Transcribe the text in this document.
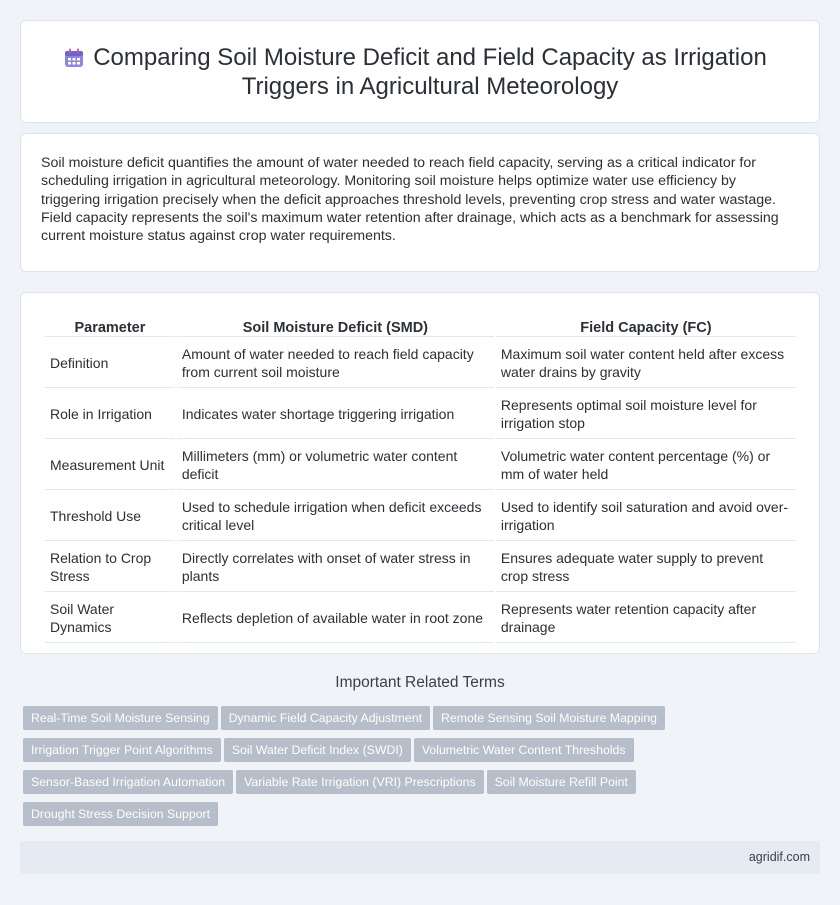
Comparing Soil Moisture Deficit and Field Capacity as Irrigation Triggers in Agricultural Meteorology

Soil moisture deficit quantifies the amount of water needed to reach field capacity, serving as a critical indicator for scheduling irrigation in agricultural meteorology. Monitoring soil moisture helps optimize water use efficiency by triggering irrigation precisely when the deficit approaches threshold levels, preventing crop stress and water wastage. Field capacity represents the soil's maximum water retention after drainage, which acts as a benchmark for assessing current moisture status against crop water requirements.

Parameter	Soil Moisture Deficit (SMD)	Field Capacity (FC)
Definition	Amount of water needed to reach field capacity from current soil moisture	Maximum soil water content held after excess water drains by gravity
Role in Irrigation	Indicates water shortage triggering irrigation	Represents optimal soil moisture level for irrigation stop
Measurement Unit	Millimeters (mm) or volumetric water content deficit	Volumetric water content percentage (%) or mm of water held
Threshold Use	Used to schedule irrigation when deficit exceeds critical level	Used to identify soil saturation and avoid over-irrigation
Relation to Crop Stress	Directly correlates with onset of water stress in plants	Ensures adequate water supply to prevent crop stress
Soil Water Dynamics	Reflects depletion of available water in root zone	Represents water retention capacity after drainage
Important Related Terms
Real-Time Soil Moisture Sensing Dynamic Field Capacity Adjustment Remote Sensing Soil Moisture Mapping
Irrigation Trigger Point Algorithms Soil Water Deficit Index (SWDI) Volumetric Water Content Thresholds
Sensor-Based Irrigation Automation Variable Rate Irrigation (VRI) Prescriptions Soil Moisture Refill Point
Drought Stress Decision Support
agridif.com
